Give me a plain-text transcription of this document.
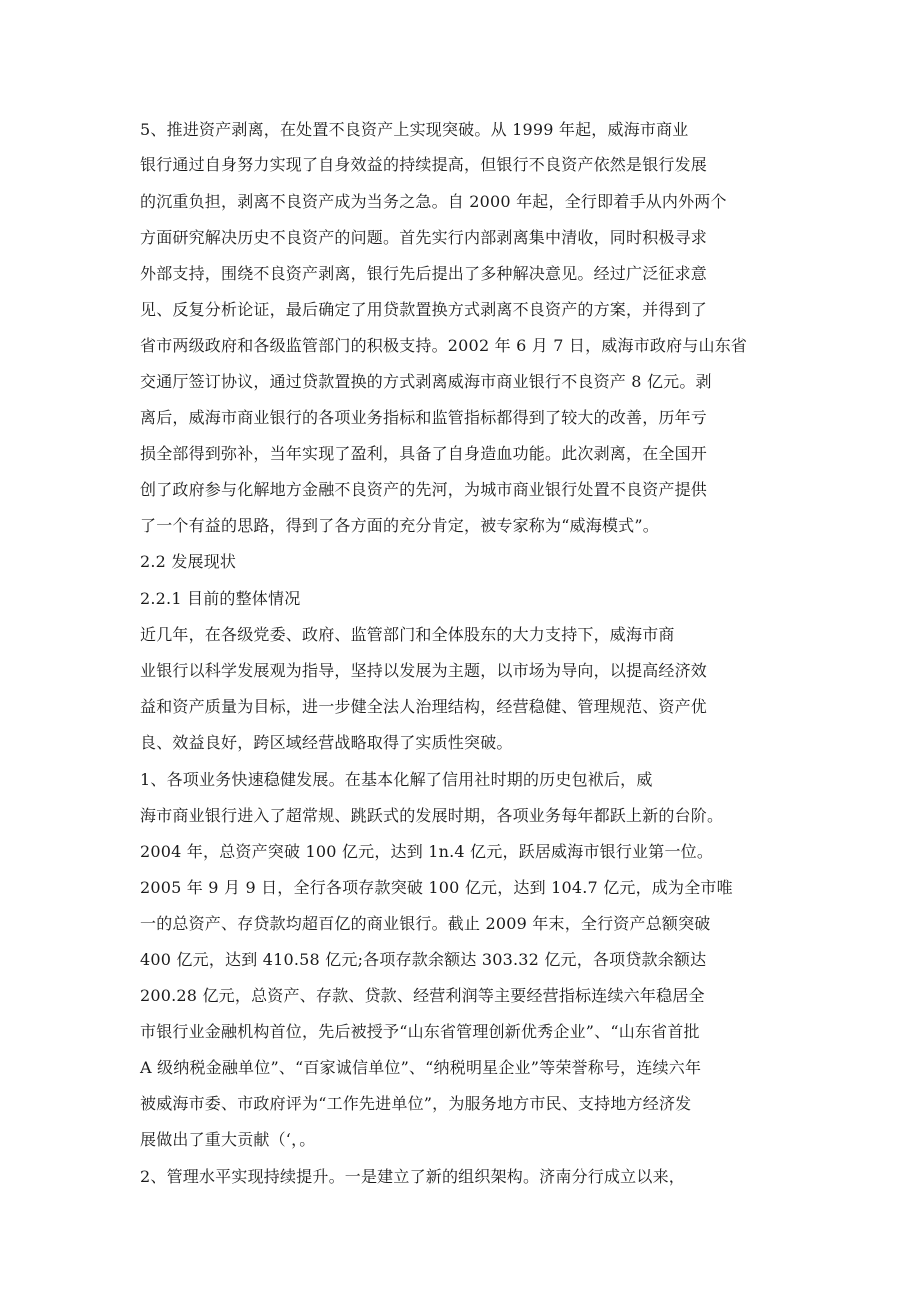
5、推进资产剥离，在处置不良资产上实现突破。从 1999 年起，威海市商业
银行通过自身努力实现了自身效益的持续提高，但银行不良资产依然是银行发展
的沉重负担，剥离不良资产成为当务之急。自 2000 年起，全行即着手从内外两个
方面研究解决历史不良资产的问题。首先实行内部剥离集中清收，同时积极寻求
外部支持，围绕不良资产剥离，银行先后提出了多种解决意见。经过广泛征求意
见、反复分析论证，最后确定了用贷款置换方式剥离不良资产的方案，并得到了
省市两级政府和各级监管部门的积极支持。2002 年 6 月 7 日，威海市政府与山东省
交通厅签订协议，通过贷款置换的方式剥离威海市商业银行不良资产 8 亿元。剥
离后，威海市商业银行的各项业务指标和监管指标都得到了较大的改善，历年亏
损全部得到弥补，当年实现了盈利，具备了自身造血功能。此次剥离，在全国开
创了政府参与化解地方金融不良资产的先河，为城市商业银行处置不良资产提供
了一个有益的思路，得到了各方面的充分肯定，被专家称为“威海模式”。
2.2 发展现状
2.2.1 目前的整体情况
近几年，在各级党委、政府、监管部门和全体股东的大力支持下，威海市商
业银行以科学发展观为指导，坚持以发展为主题，以市场为导向，以提高经济效
益和资产质量为目标，进一步健全法人治理结构，经营稳健、管理规范、资产优
良、效益良好，跨区域经营战略取得了实质性突破。
1、各项业务快速稳健发展。在基本化解了信用社时期的历史包袱后，威
海市商业银行进入了超常规、跳跃式的发展时期，各项业务每年都跃上新的台阶。
2004 年，总资产突破 100 亿元，达到 1n.4 亿元，跃居威海市银行业第一位。
2005 年 9 月 9 日，全行各项存款突破 100 亿元，达到 104.7 亿元，成为全市唯
一的总资产、存贷款均超百亿的商业银行。截止 2009 年末，全行资产总额突破
400 亿元，达到 410.58 亿元;各项存款余额达 303.32 亿元，各项贷款余额达
200.28 亿元，总资产、存款、贷款、经营利润等主要经营指标连续六年稳居全
市银行业金融机构首位，先后被授予“山东省管理创新优秀企业”、“山东省首批
A 级纳税金融单位”、“百家诚信单位”、“纳税明星企业”等荣誉称号，连续六年
被威海市委、市政府评为“工作先进单位”，为服务地方市民、支持地方经济发
展做出了重大贡献（‘，。
2、管理水平实现持续提升。一是建立了新的组织架构。济南分行成立以来，
